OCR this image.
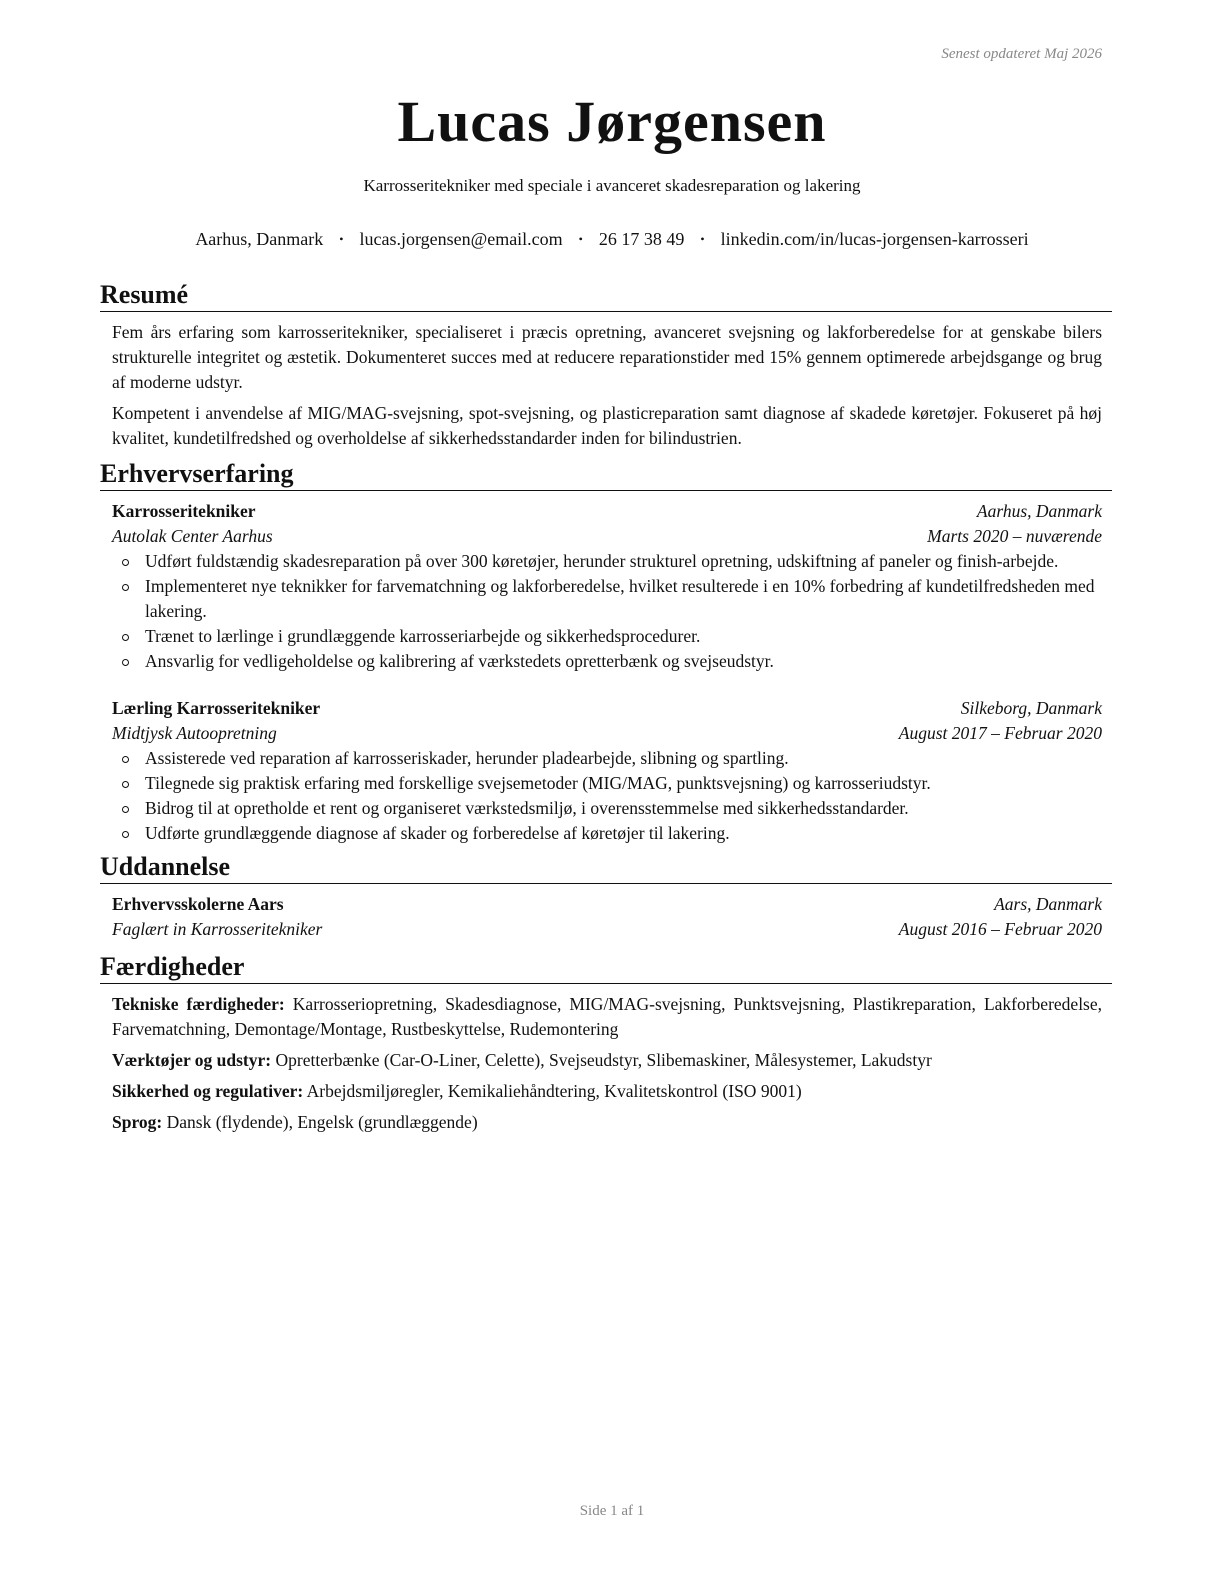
Senest opdateret Maj 2026
Lucas Jørgensen
Karrosseritekniker med speciale i avanceret skadesreparation og lakering
Aarhus, Danmark • lucas.jorgensen@email.com • 26 17 38 49 • linkedin.com/in/lucas-jorgensen-karrosseri
Resumé

Fem års erfaring som karrosseritekniker, specialiseret i præcis opretning, avanceret svejsning og lakforberedelse for at genskabe bilers strukturelle integritet og æstetik. Dokumenteret succes med at reducere reparationstider med 15% gennem optimerede arbejdsgange og brug af moderne udstyr.

Kompetent i anvendelse af MIG/MAG-svejsning, spot-svejsning, og plasticreparation samt diagnose af skadede køretøjer. Fokuseret på høj kvalitet, kundetilfredshed og overholdelse af sikkerhedsstandarder inden for bilindustrien.

Erhvervserfaring
Karrosseritekniker	Aarhus, Danmark
Autolak Center Aarhus	Marts 2020 – nuværende
Udført fuldstændig skadesreparation på over 300 køretøjer, herunder strukturel opretning, udskiftning af paneler og finish-arbejde.
Implementeret nye teknikker for farvematchning og lakforberedelse, hvilket resulterede i en 10% forbedring af kundetilfredsheden med lakering.
Trænet to lærlinge i grundlæggende karrosseriarbejde og sikkerhedsprocedurer.
Ansvarlig for vedligeholdelse og kalibrering af værkstedets opretterbænk og svejseudstyr.
Lærling Karrosseritekniker	Silkeborg, Danmark
Midtjysk Autoopretning	August 2017 – Februar 2020
Assisterede ved reparation af karrosseriskader, herunder pladearbejde, slibning og spartling.
Tilegnede sig praktisk erfaring med forskellige svejsemetoder (MIG/MAG, punktsvejsning) og karrosseriudstyr.
Bidrog til at opretholde et rent og organiseret værkstedsmiljø, i overensstemmelse med sikkerhedsstandarder.
Udførte grundlæggende diagnose af skader og forberedelse af køretøjer til lakering.
Uddannelse
Erhvervsskolerne Aars	Aars, Danmark
Faglært in Karrosseritekniker	August 2016 – Februar 2020
Færdigheder
Tekniske færdigheder: Karrosseriopretning, Skadesdiagnose, MIG/MAG-svejsning, Punktsvejsning, Plastikreparation, Lakforberedelse, Farvematchning, Demontage/Montage, Rustbeskyttelse, Rudemontering
Værktøjer og udstyr: Opretterbænke (Car-O-Liner, Celette), Svejseudstyr, Slibemaskiner, Målesystemer, Lakudstyr
Sikkerhed og regulativer: Arbejdsmiljøregler, Kemikaliehåndtering, Kvalitetskontrol (ISO 9001)
Sprog: Dansk (flydende), Engelsk (grundlæggende)
Side 1 af 1
